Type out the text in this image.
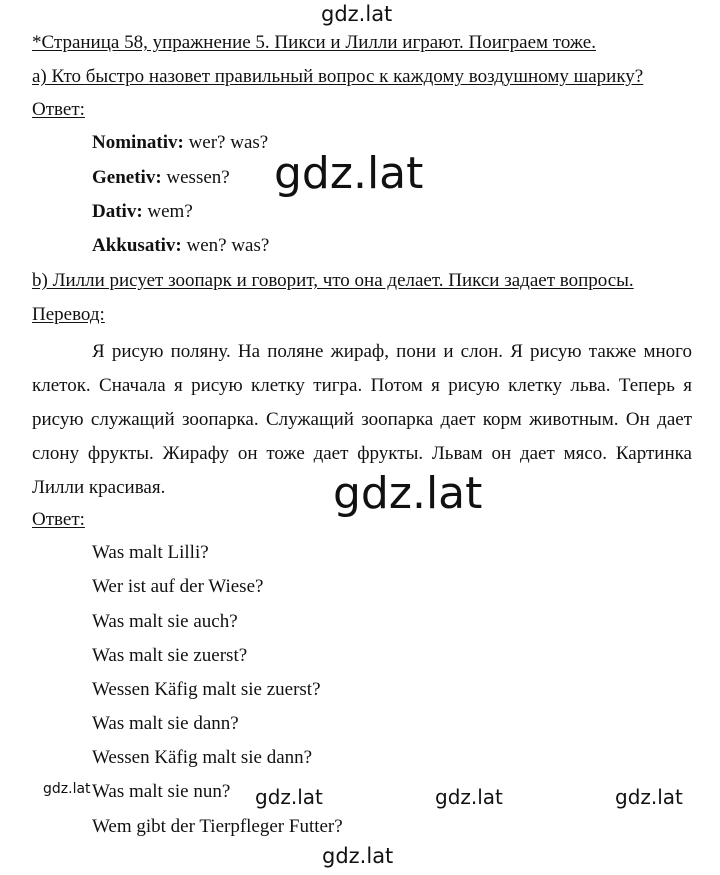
gdz.lat
gdz.lat
gdz.lat
gdz.lat	gdz.lat	gdz.lat	gdz.lat
gdz.lat
*Страница 58, упражнение 5. Пикси и Лилли играют. Поиграем тоже.
а) Кто быстро назовет правильный вопрос к каждому воздушному шарику?
Ответ:
Nominativ: wer? was?
Genetiv: wessen?
Dativ: wem?
Akkusativ: wen? was?
b) Лилли рисует зоопарк и говорит, что она делает. Пикси задает вопросы.
Перевод:
Я рисую поляну. На поляне жираф, пони и слон. Я рисую также много клеток. Сначала я рисую клетку тигра. Потом я рисую клетку льва. Теперь я рисую служащий зоопарка. Служащий зоопарка дает корм животным. Он дает слону фрукты. Жирафу он тоже дает фрукты. Львам он дает мясо. Картинка Лилли красивая.
Ответ:
Was malt Lilli?
Wer ist auf der Wiese?
Was malt sie auch?
Was malt sie zuerst?
Wessen Käfig malt sie zuerst?
Was malt sie dann?
Wessen Käfig malt sie dann?
Was malt sie nun?
Wem gibt der Tierpfleger Futter?
